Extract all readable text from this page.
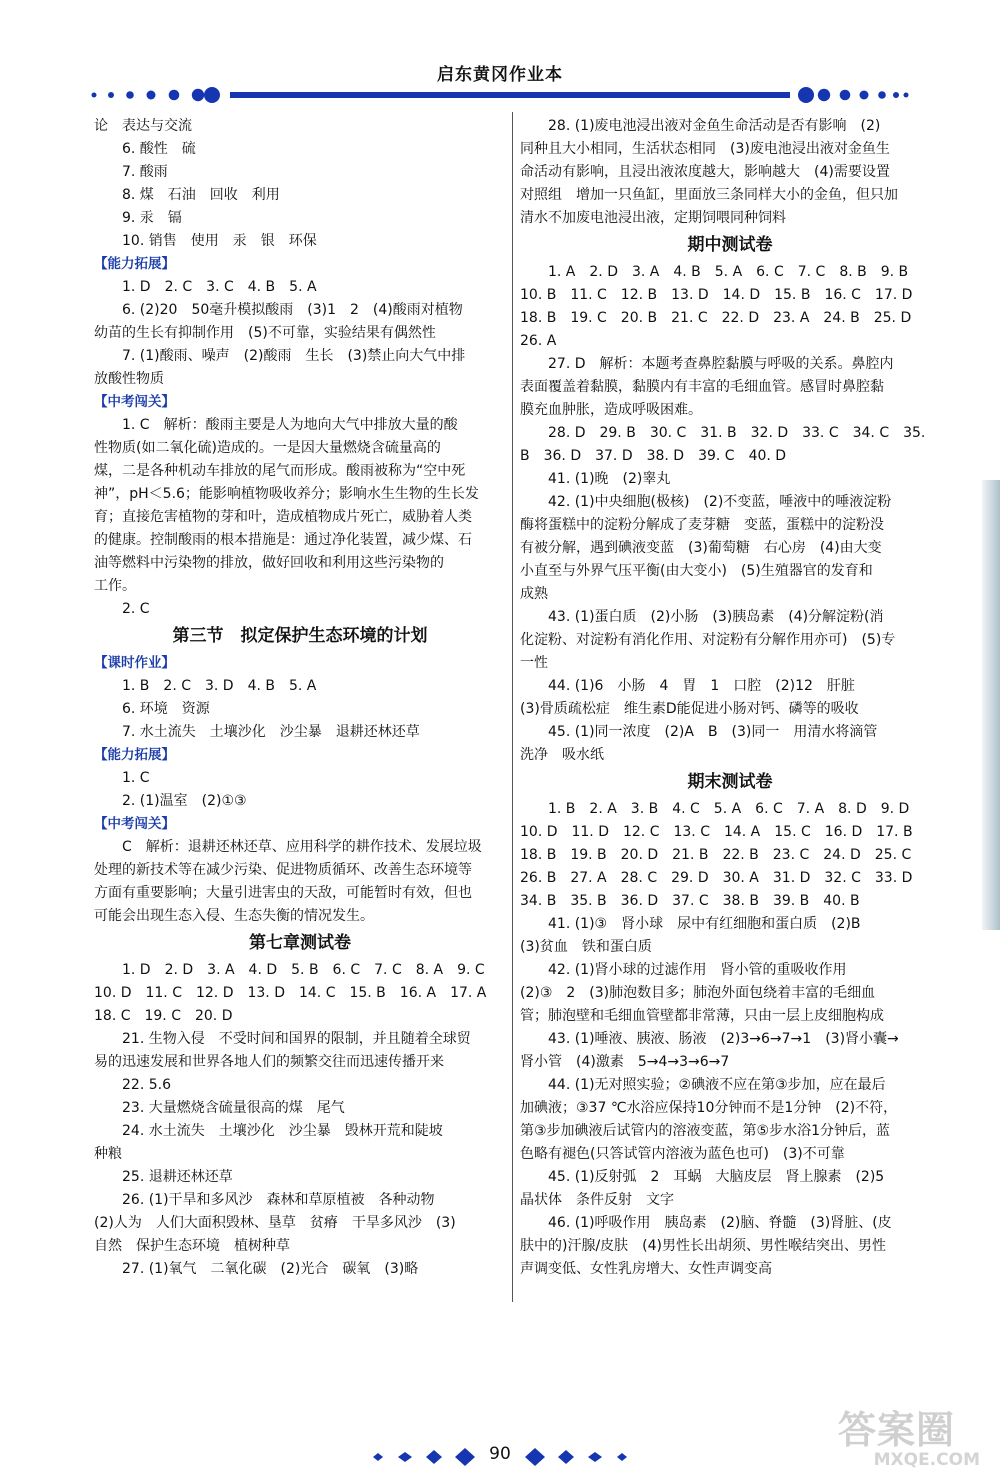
启东黄冈作业本
论　表达与交流
6. 酸性　硫
7. 酸雨
8. 煤　石油　回收　利用
9. 汞　镉
10. 销售　使用　汞　银　环保
【能力拓展】
1. D　2. C　3. C　4. B　5. A
6. (2)20　50毫升模拟酸雨　(3)1　2　(4)酸雨对植物
幼苗的生长有抑制作用　(5)不可靠，实验结果有偶然性
7. (1)酸雨、噪声　(2)酸雨　生长　(3)禁止向大气中排
放酸性物质
【中考闯关】
1. C　解析：酸雨主要是人为地向大气中排放大量的酸
性物质(如二氧化硫)造成的。一是因大量燃烧含硫量高的
煤，二是各种机动车排放的尾气而形成。酸雨被称为“空中死
神”，pH＜5.6；能影响植物吸收养分；影响水生生物的生长发
育；直接危害植物的芽和叶，造成植物成片死亡，威胁着人类
的健康。控制酸雨的根本措施是：通过净化装置，减少煤、石
油等燃料中污染物的排放，做好回收和利用这些污染物的
工作。
2. C
第三节　拟定保护生态环境的计划
【课时作业】
1. B　2. C　3. D　4. B　5. A
6. 环境　资源
7. 水土流失　土壤沙化　沙尘暴　退耕还林还草
【能力拓展】
1. C
2. (1)温室　(2)①③
【中考闯关】
C　解析：退耕还林还草、应用科学的耕作技术、发展垃圾
处理的新技术等在减少污染、促进物质循环、改善生态环境等
方面有重要影响；大量引进害虫的天敌，可能暂时有效，但也
可能会出现生态入侵、生态失衡的情况发生。
第七章测试卷
1. D　2. D　3. A　4. D　5. B　6. C　7. C　8. A　9. C
10. D　11. C　12. D　13. D　14. C　15. B　16. A　17. A
18. C　19. C　20. D
21. 生物入侵　不受时间和国界的限制，并且随着全球贸
易的迅速发展和世界各地人们的频繁交往而迅速传播开来
22. 5.6
23. 大量燃烧含硫量很高的煤　尾气
24. 水土流失　土壤沙化　沙尘暴　毁林开荒和陡坡
种粮
25. 退耕还林还草
26. (1)干旱和多风沙　森林和草原植被　各种动物
(2)人为　人们大面积毁林、垦草　贫瘠　干旱多风沙　(3)
自然　保护生态环境　植树种草
27. (1)氧气　二氧化碳　(2)光合　碳氧　(3)略
28. (1)废电池浸出液对金鱼生命活动是否有影响　(2)
同种且大小相同，生活状态相同　(3)废电池浸出液对金鱼生
命活动有影响，且浸出液浓度越大，影响越大　(4)需要设置
对照组　增加一只鱼缸，里面放三条同样大小的金鱼，但只加
清水不加废电池浸出液，定期饲喂同种饲料
期中测试卷
1. A　2. D　3. A　4. B　5. A　6. C　7. C　8. B　9. B
10. B　11. C　12. B　13. D　14. D　15. B　16. C　17. D
18. B　19. C　20. B　21. C　22. D　23. A　24. B　25. D
26. A
27. D　解析：本题考查鼻腔黏膜与呼吸的关系。鼻腔内
表面覆盖着黏膜，黏膜内有丰富的毛细血管。感冒时鼻腔黏
膜充血肿胀，造成呼吸困难。
28. D　29. B　30. C　31. B　32. D　33. C　34. C　35.
B　36. D　37. D　38. D　39. C　40. D
41. (1)晚　(2)睾丸
42. (1)中央细胞(极核)　(2)不变蓝，唾液中的唾液淀粉
酶将蛋糕中的淀粉分解成了麦芽糖　变蓝，蛋糕中的淀粉没
有被分解，遇到碘液变蓝　(3)葡萄糖　右心房　(4)由大变
小直至与外界气压平衡(由大变小)　(5)生殖器官的发育和
成熟
43. (1)蛋白质　(2)小肠　(3)胰岛素　(4)分解淀粉(消
化淀粉、对淀粉有消化作用、对淀粉有分解作用亦可)　(5)专
一性
44. (1)6　小肠　4　胃　1　口腔　(2)12　肝脏
(3)骨质疏松症　维生素D能促进小肠对钙、磷等的吸收
45. (1)同一浓度　(2)A　B　(3)同一　用清水将滴管
洗净　吸水纸
期末测试卷
1. B　2. A　3. B　4. C　5. A　6. C　7. A　8. D　9. D
10. D　11. D　12. C　13. C　14. A　15. C　16. D　17. B
18. B　19. B　20. D　21. B　22. B　23. C　24. D　25. C
26. B　27. A　28. C　29. D　30. A　31. D　32. C　33. D
34. B　35. B　36. D　37. C　38. B　39. B　40. B
41. (1)③　肾小球　尿中有红细胞和蛋白质　(2)B
(3)贫血　铁和蛋白质
42. (1)肾小球的过滤作用　肾小管的重吸收作用
(2)③　2　(3)肺泡数目多；肺泡外面包绕着丰富的毛细血
管；肺泡壁和毛细血管壁都非常薄，只由一层上皮细胞构成
43. (1)唾液、胰液、肠液　(2)3→6→7→1　(3)肾小囊→
肾小管　(4)激素　5→4→3→6→7
44. (1)无对照实验；②碘液不应在第③步加，应在最后
加碘液；③37 ℃水浴应保持10分钟而不是1分钟　(2)不符，
第③步加碘液后试管内的溶液变蓝，第⑤步水浴1分钟后，蓝
色略有褪色(只答试管内溶液为蓝色也可)　(3)不可靠
45. (1)反射弧　2　耳蜗　大脑皮层　肾上腺素　(2)5
晶状体　条件反射　文字
46. (1)呼吸作用　胰岛素　(2)脑、脊髓　(3)肾脏、(皮
肤中的)汗腺/皮肤　(4)男性长出胡须、男性喉结突出、男性
声调变低、女性乳房增大、女性声调变高
90
答案圈
MXQE.COM
